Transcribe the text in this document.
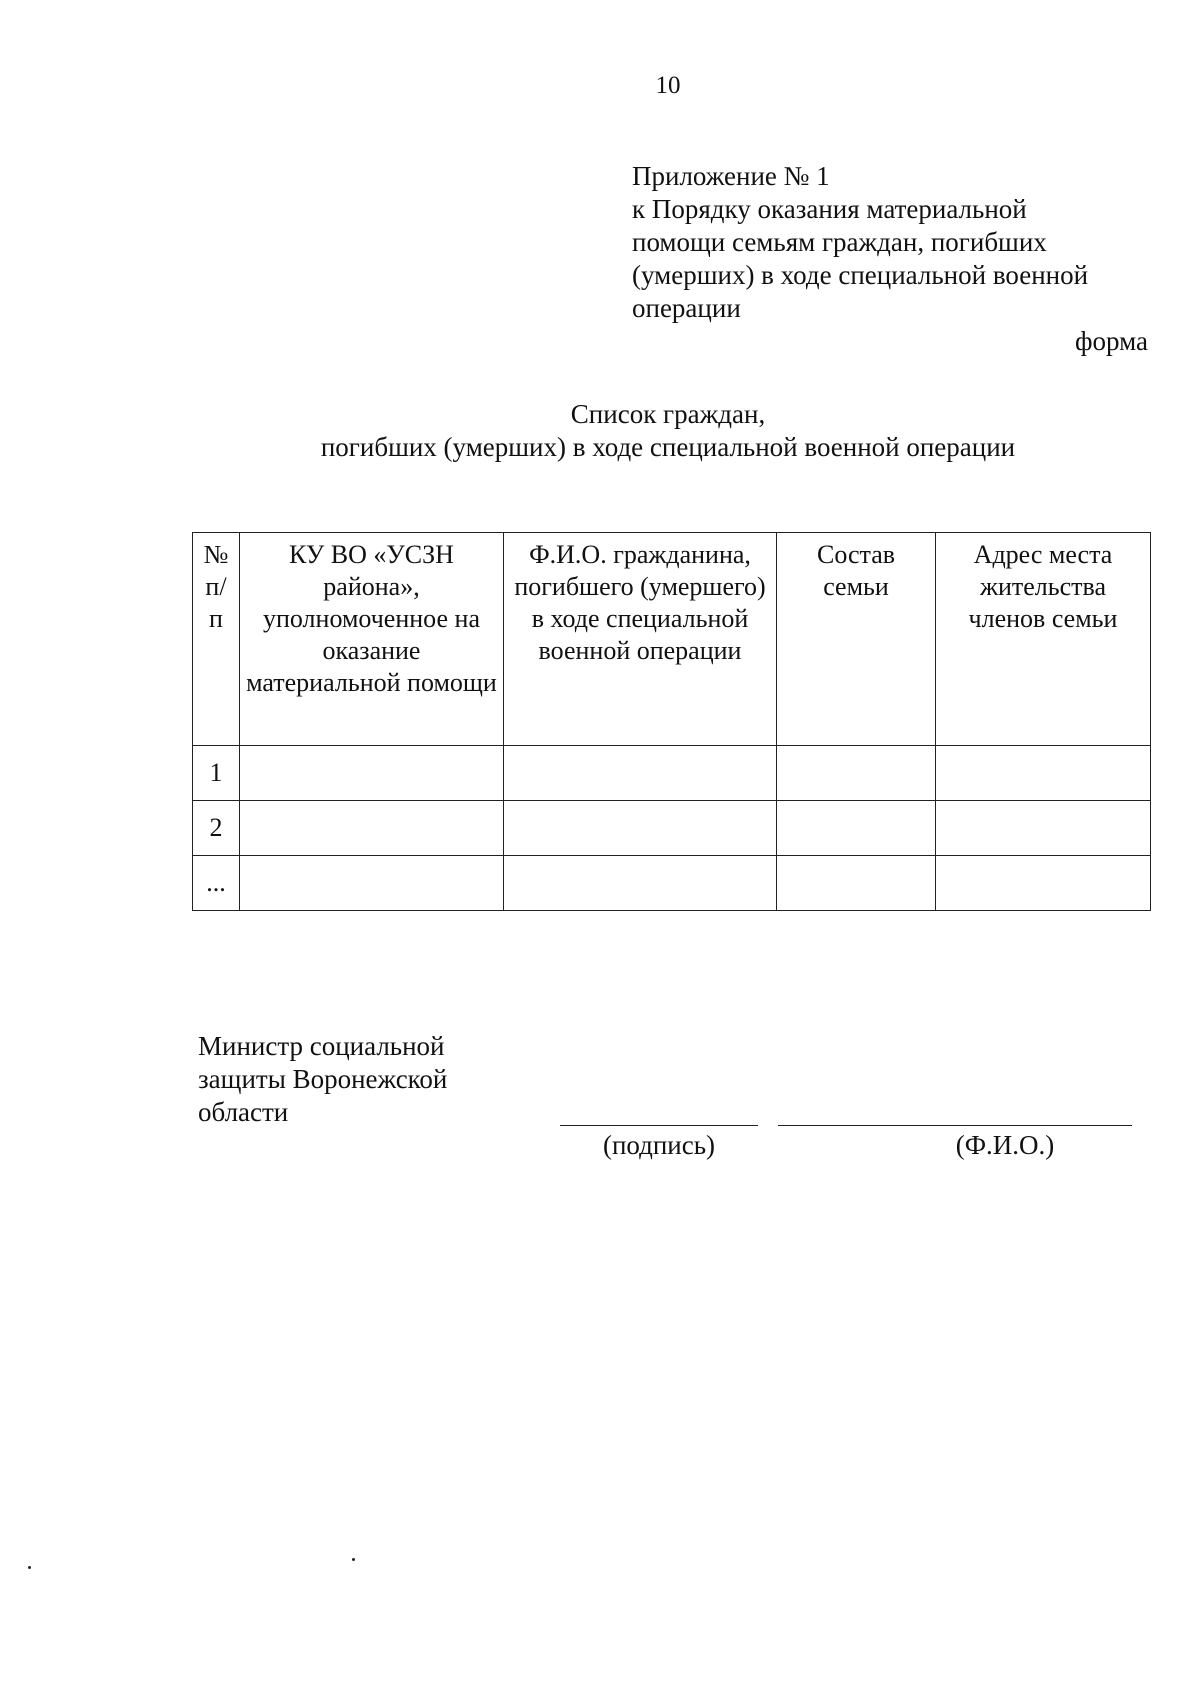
10
Приложение № 1
к Порядку оказания материальной
помощи семьям граждан, погибших
(умерших) в ходе специальной военной
операции
форма
Список граждан,
погибших (умерших) в ходе специальной военной операции
№ п/ п	КУ ВО «УСЗН района», уполномоченное на оказание материальной помощи	Ф.И.О. гражданина, погибшего (умершего) в ходе специальной военной операции	Состав семьи	Адрес места жительства членов семьи
1				
2				
...				
Министр социальной
защиты Воронежской
области
(подпись)	(Ф.И.О.)
